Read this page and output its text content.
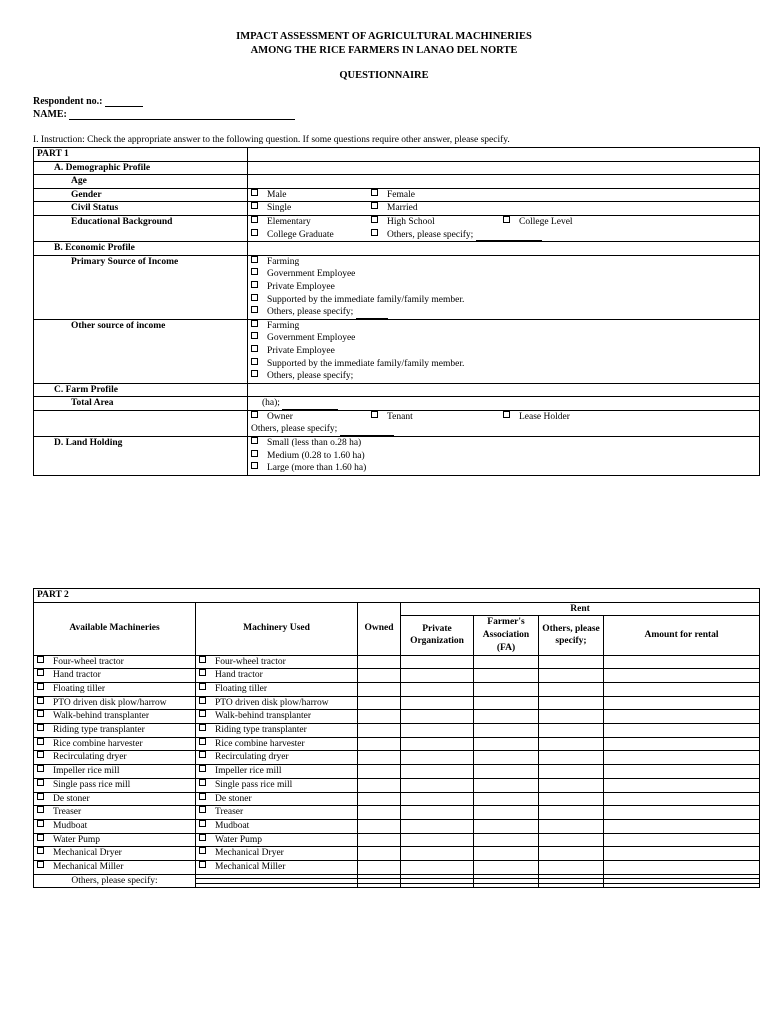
IMPACT ASSESSMENT OF AGRICULTURAL MACHINERIES
AMONG THE RICE FARMERS IN LANAO DEL NORTE
QUESTIONNAIRE
Respondent no.:
NAME:
I. Instruction: Check the appropriate answer to the following question. If some questions require other answer, please specify.
PART 1	
A. Demographic Profile	
Age	
Gender	Male Female

Civil Status	Single Married

Educational Background	Elementary High School College Level
College Graduate Others, please specify;

B. Economic Profile	
Primary Source of Income	Farming
Government Employee
Private Employee
Supported by the immediate family/family member.
Others, please specify;

Other source of income	Farming
Government Employee
Private Employee
Supported by the immediate family/family member.
Others, please specify;

C. Farm Profile	
Total Area	(ha);

	Owner Tenant Lease Holder
Others, please specify;

D. Land Holding	Small (less than o.28 ha)
Medium (0.28 to 1.60 ha)
Large (more than 1.60 ha)
PART 2						
Available Machineries	Machinery Used	Owned	Rent			
			Private Organization	Farmer's Association (FA)	Others, please specify;	Amount for rental
Four-wheel tractor	Four-wheel tractor					
Hand tractor	Hand tractor					
Floating tiller	Floating tiller					
PTO driven disk plow/harrow	PTO driven disk plow/harrow					
Walk-behind transplanter	Walk-behind transplanter					
Riding type transplanter	Riding type transplanter					
Rice combine harvester	Rice combine harvester					
Recirculating dryer	Recirculating dryer					
Impeller rice mill	Impeller rice mill					
Single pass rice mill	Single pass rice mill					
De stoner	De stoner					
Treaser	Treaser					
Mudboat	Mudboat					
Water Pump	Water Pump					
Mechanical Dryer	Mechanical Dryer					
Mechanical Miller	Mechanical Miller					
Others, please specify:						
